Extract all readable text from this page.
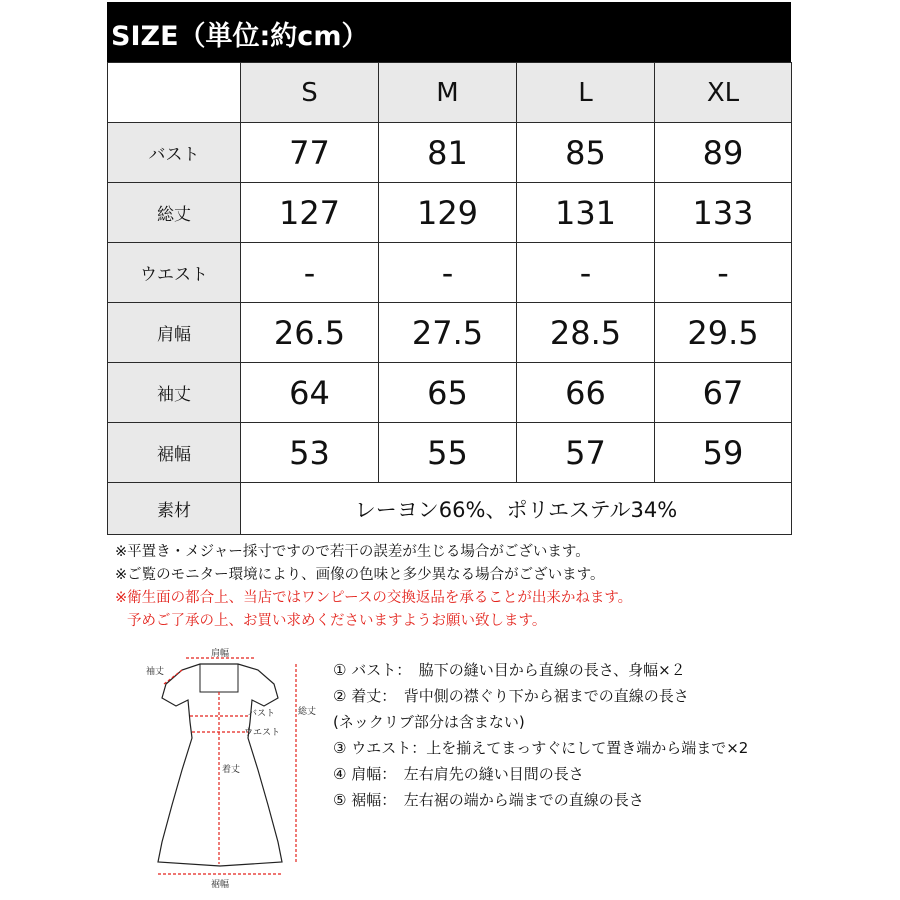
SIZE（単位:約cm）
	S	M	L	XL
バスト	77	81	85	89
総丈	127	129	131	133
ウエスト	-	-	-	-
肩幅	26.5	27.5	28.5	29.5
袖丈	64	65	66	67
裾幅	53	55	57	59
素材	レーヨン66%、ポリエステル34%			
※平置き・メジャー採寸ですので若干の誤差が生じる場合がございます。
※ご覧のモニター環境により、画像の色味と多少異なる場合がございます。
※衛生面の都合上、当店ではワンピースの交換返品を承ることが出来かねます。
予めご了承の上、お買い求めくださいますようお願い致します。
肩幅
袖丈
バスト
ウエスト
総丈
着丈
裾幅
① バスト：　脇下の縫い目から直線の長さ、身幅×２
② 着丈：　背中側の襟ぐり下から裾までの直線の長さ
(ネックリブ部分は含まない)
③ ウエスト：上を揃えてまっすぐにして置き端から端まで×2
④ 肩幅：　左右肩先の縫い目間の長さ
⑤ 裾幅：　左右裾の端から端までの直線の長さ
